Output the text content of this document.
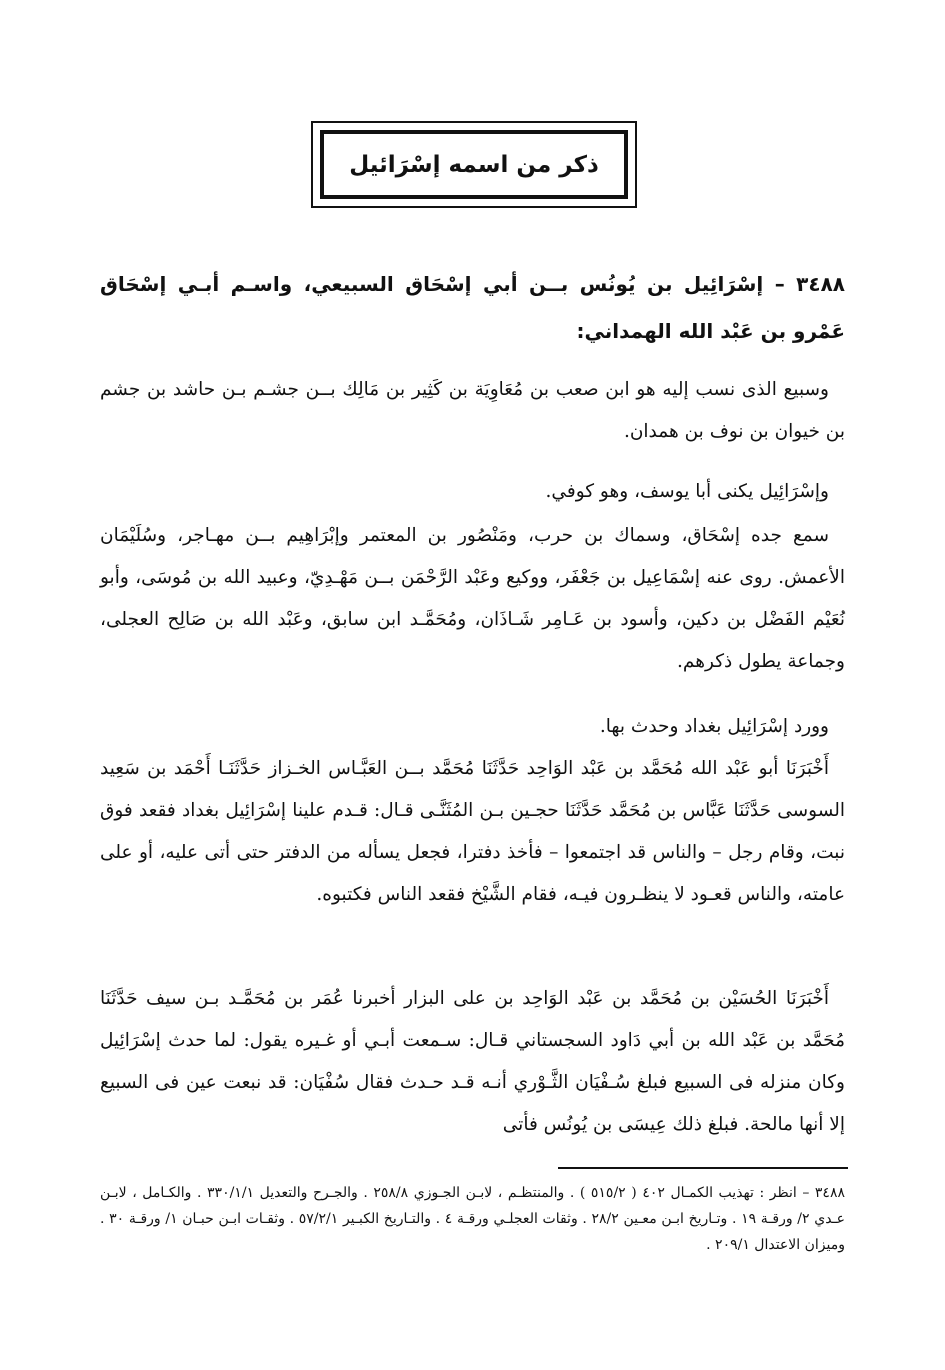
ذكر من اسمه إسْرَائيل
٣٤٨٨ – إسْرَائِيل بن يُونُس بــن أبي إسْحَاق السبيعي، واسـم أبـي إسْحَاق عَمْرو بن عَبْد الله الهمداني:
وسبيع الذى نسب إليه هو ابن صعب بن مُعَاوِيَة بن كَثِير بن مَالِك بــن جشـم بـن حاشد بن جشم بن خيوان بن نوف بن همدان.
وإسْرَائِيل يكنى أبا يوسف، وهو كوفي.
سمع جده إسْحَاق، وسماك بن حرب، ومَنْصُور بن المعتمر وإبْرَاهِيم بــن مهـاجر، وسُلَيْمَان الأعمش. روى عنه إسْمَاعِيل بن جَعْفَر، ووكيع وعَبْد الرَّحْمَن بــن مَهْـدِيّ، وعبيد الله بن مُوسَى، وأبو نُعَيْم الفَضْل بن دكين، وأسود بن عَـامِر شَـاذَان، ومُحَمَّـد ابن سابق، وعَبْد الله بن صَالِح العجلى، وجماعة يطول ذكرهم.
وورد إسْرَائِيل بغداد وحدث بها.
أَخْبَرَنَا أبو عَبْد الله مُحَمَّد بن عَبْد الوَاحِد حَدَّثَنَا مُحَمَّد بــن العَبَّـاس الخـزاز حَدَّثَنَـا أَحْمَد بن سَعِيد السوسى حَدَّثَنَا عَبَّاس بن مُحَمَّد حَدَّثَنَا حجـين بـن المُثَنَّـى قـال: قـدم علينا إسْرَائِيل بغداد فقعد فوق نبت، وقام رجل – والناس قد اجتمعوا – فأخذ دفترا، فجعل يسأله من الدفتر حتى أتى عليه، أو على عامته، والناس قعـود لا ينظـرون فيـه، فقام الشَّيْخ فقعد الناس فكتبوه.
أَخْبَرَنَا الحُسَيْن بن مُحَمَّد بن عَبْد الوَاحِد بن على البزار أخبرنا عُمَر بن مُحَمَّـد بـن سيف حَدَّثَنَا مُحَمَّد بن عَبْد الله بن أبي دَاود السجستاني قـال: سـمعت أبـي أو غـيره يقول: لما حدث إسْرَائِيل وكان منزله فى السبيع فبلغ سُـفْيَان الثَّـوْري أنـه قـد حـدث فقال سُفْيَان: قد نبعت عين فى السبيع إلا أنها مالحة. فبلغ ذلك عِيسَى بن يُونُس فأتى
٣٤٨٨ – انظر : تهذيب الكمـال ٤٠٢ ( ٥١٥/٢ ) . والمنتظـم ، لابـن الجـوزي ٢٥٨/٨ . والجـرح والتعديل ٣٣٠/١/١ . والكـامل ، لابـن عـدي ٢/ ورقـة ١٩ . وتـاريخ ابـن معـين ٢٨/٢ . وثقات العجلـي ورقـة ٤ . والتـاريخ الكبـير ٥٧/٢/١ . وثقـات ابـن حبـان ١/ ورقـة ٣٠ . وميزان الاعتدال ٢٠٩/١ .
